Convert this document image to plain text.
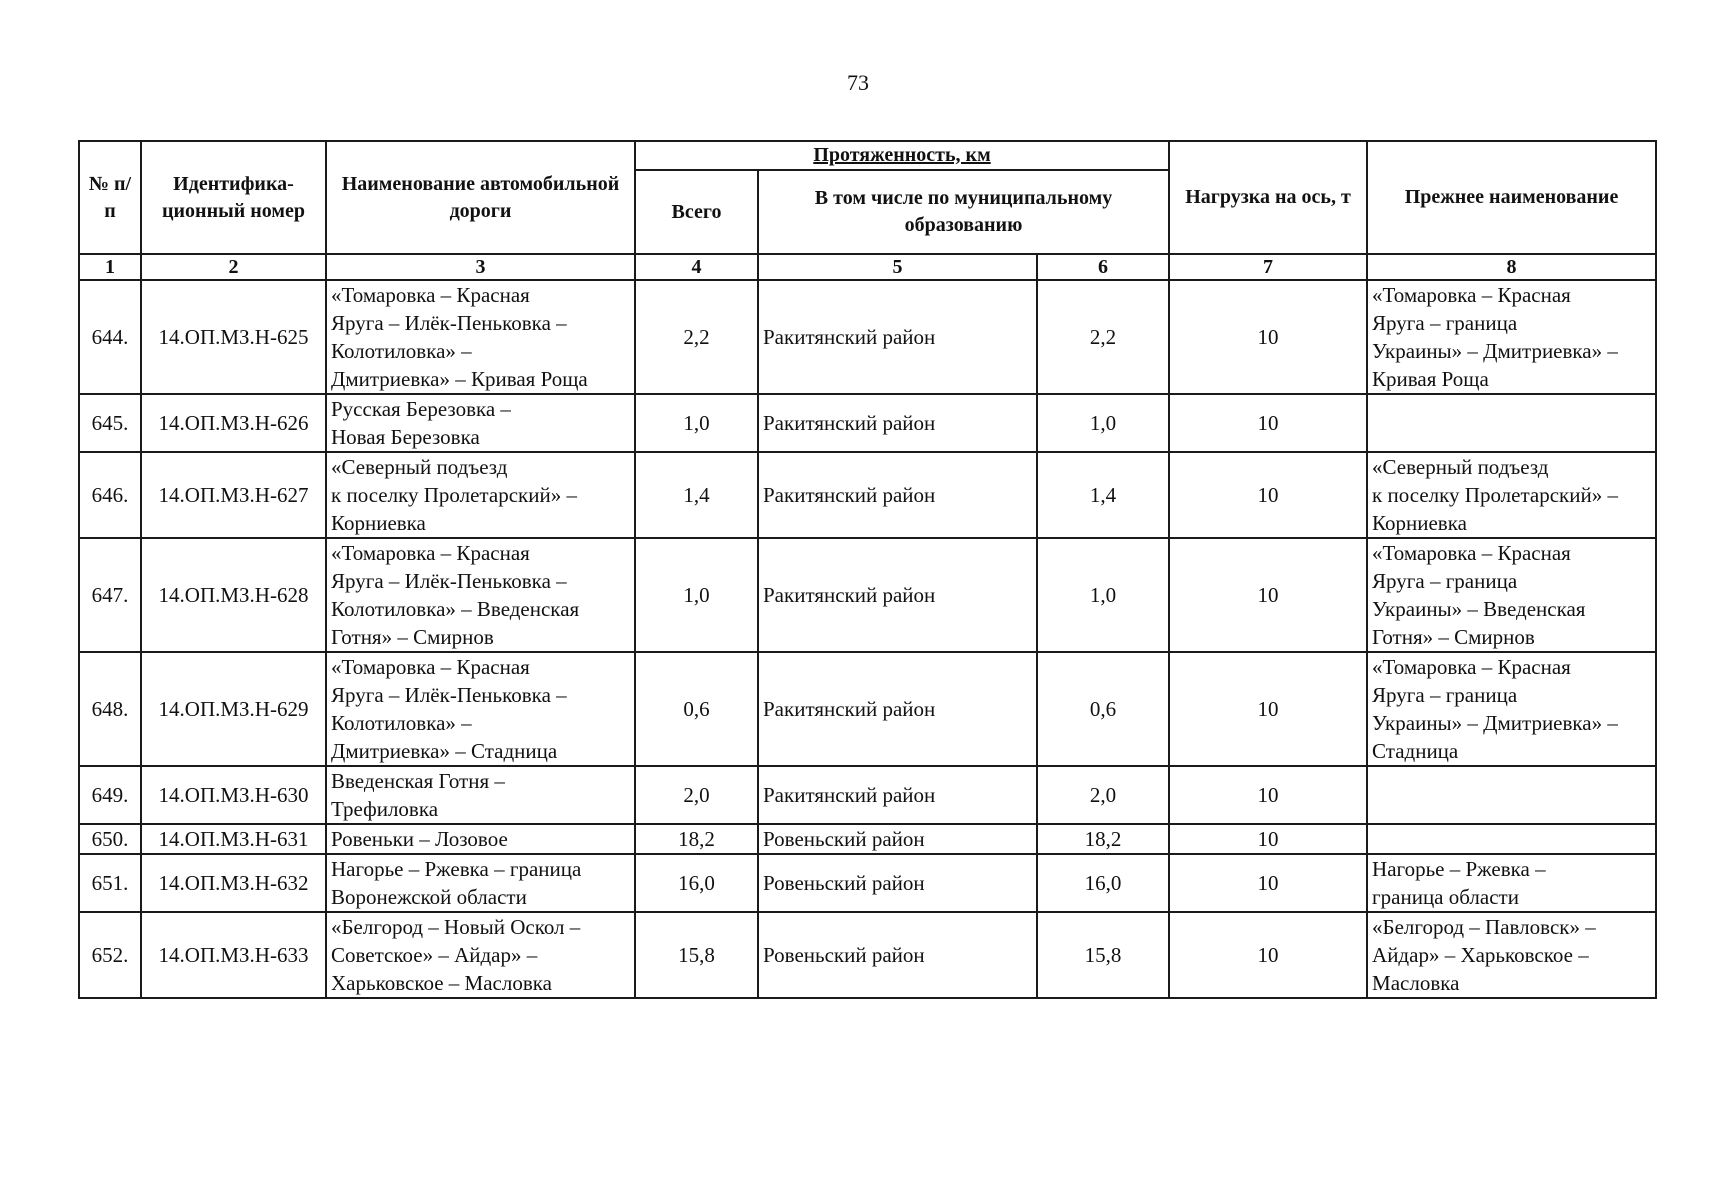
73
№ п/п	Идентифика- ционный номер	Наименование автомобильной дороги	Протяженность, км			Нагрузка на ось, т	Прежнее наименование
			Всего	В том числе по муниципальному образованию			
1	2	3	4	5	6	7	8
644.	14.ОП.МЗ.Н-625	«Томаровка – Красная
Яруга – Илёк-Пеньковка –
Колотиловка» –
Дмитриевка» – Кривая Роща	2,2	Ракитянский район	2,2	10	«Томаровка – Красная
Яруга – граница
Украины» – Дмитриевка» –
Кривая Роща
645.	14.ОП.МЗ.Н-626	Русская Березовка –
Новая Березовка	1,0	Ракитянский район	1,0	10	
646.	14.ОП.МЗ.Н-627	«Северный подъезд
к поселку Пролетарский» –
Корниевка	1,4	Ракитянский район	1,4	10	«Северный подъезд
к поселку Пролетарский» –
Корниевка
647.	14.ОП.МЗ.Н-628	«Томаровка – Красная
Яруга – Илёк-Пеньковка –
Колотиловка» – Введенская
Готня» – Смирнов	1,0	Ракитянский район	1,0	10	«Томаровка – Красная
Яруга – граница
Украины» – Введенская
Готня» – Смирнов
648.	14.ОП.МЗ.Н-629	«Томаровка – Красная
Яруга – Илёк-Пеньковка –
Колотиловка» –
Дмитриевка» – Стадница	0,6	Ракитянский район	0,6	10	«Томаровка – Красная
Яруга – граница
Украины» – Дмитриевка» –
Стадница
649.	14.ОП.МЗ.Н-630	Введенская Готня –
Трефиловка	2,0	Ракитянский район	2,0	10	
650.	14.ОП.МЗ.Н-631	Ровеньки – Лозовое	18,2	Ровеньский район	18,2	10	
651.	14.ОП.МЗ.Н-632	Нагорье – Ржевка – граница
Воронежской области	16,0	Ровеньский район	16,0	10	Нагорье – Ржевка –
граница области
652.	14.ОП.МЗ.Н-633	«Белгород – Новый Оскол –
Советское» – Айдар» –
Харьковское – Масловка	15,8	Ровеньский район	15,8	10	«Белгород – Павловск» –
Айдар» – Харьковское –
Масловка
